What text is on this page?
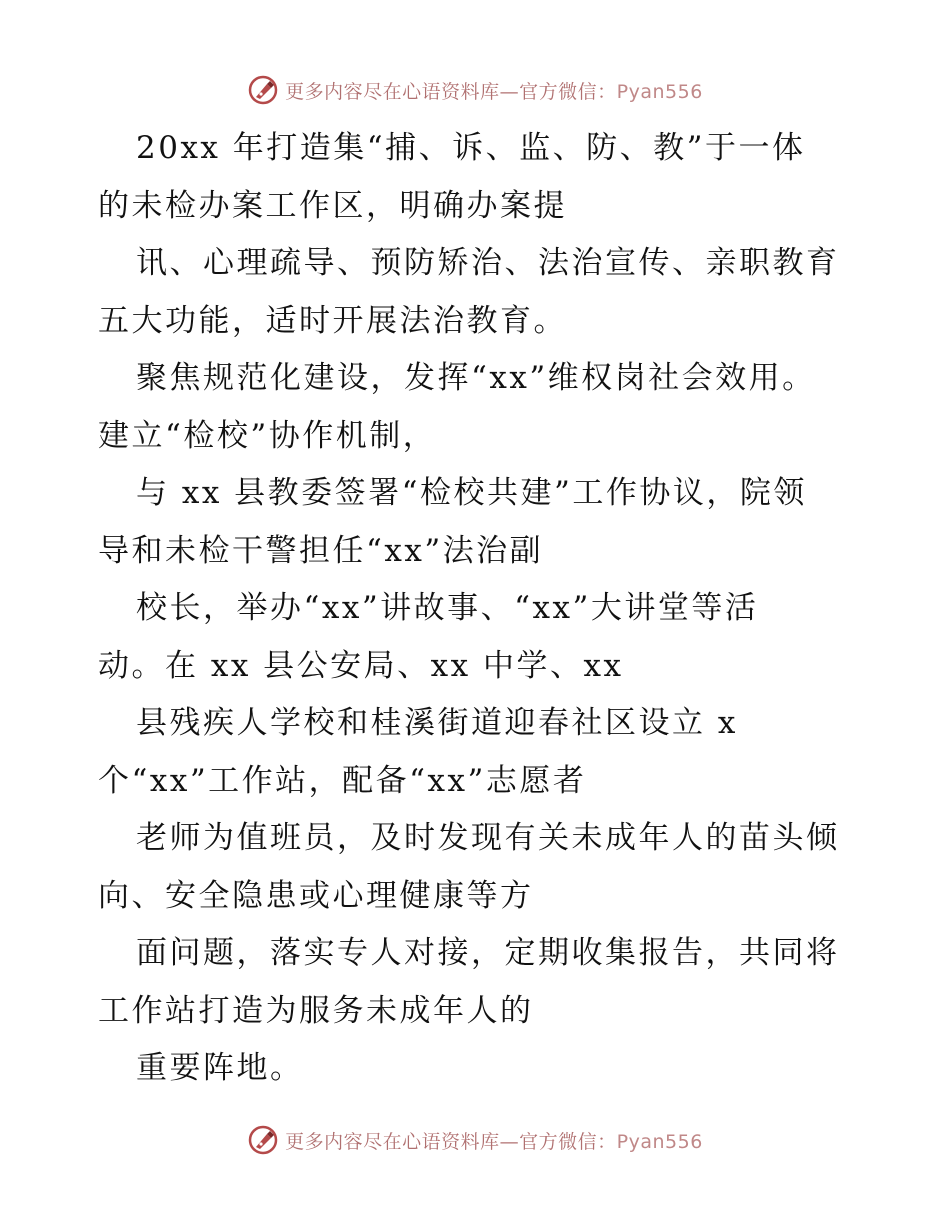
更多内容尽在心语资料库—官方微信：Pyan556
20xx 年打造集“捕、诉、监、防、教”于一体
的未检办案工作区，明确办案提
讯、心理疏导、预防矫治、法治宣传、亲职教育
五大功能，适时开展法治教育。
聚焦规范化建设，发挥“xx”维权岗社会效用。
建立“检校”协作机制，
与 xx 县教委签署“检校共建”工作协议，院领
导和未检干警担任“xx”法治副
校长，举办“xx”讲故事、“xx”大讲堂等活
动。在 xx 县公安局、xx 中学、xx
县残疾人学校和桂溪街道迎春社区设立 x
个“xx”工作站，配备“xx”志愿者
老师为值班员，及时发现有关未成年人的苗头倾
向、安全隐患或心理健康等方
面问题，落实专人对接，定期收集报告，共同将
工作站打造为服务未成年人的
重要阵地。
更多内容尽在心语资料库—官方微信：Pyan556
